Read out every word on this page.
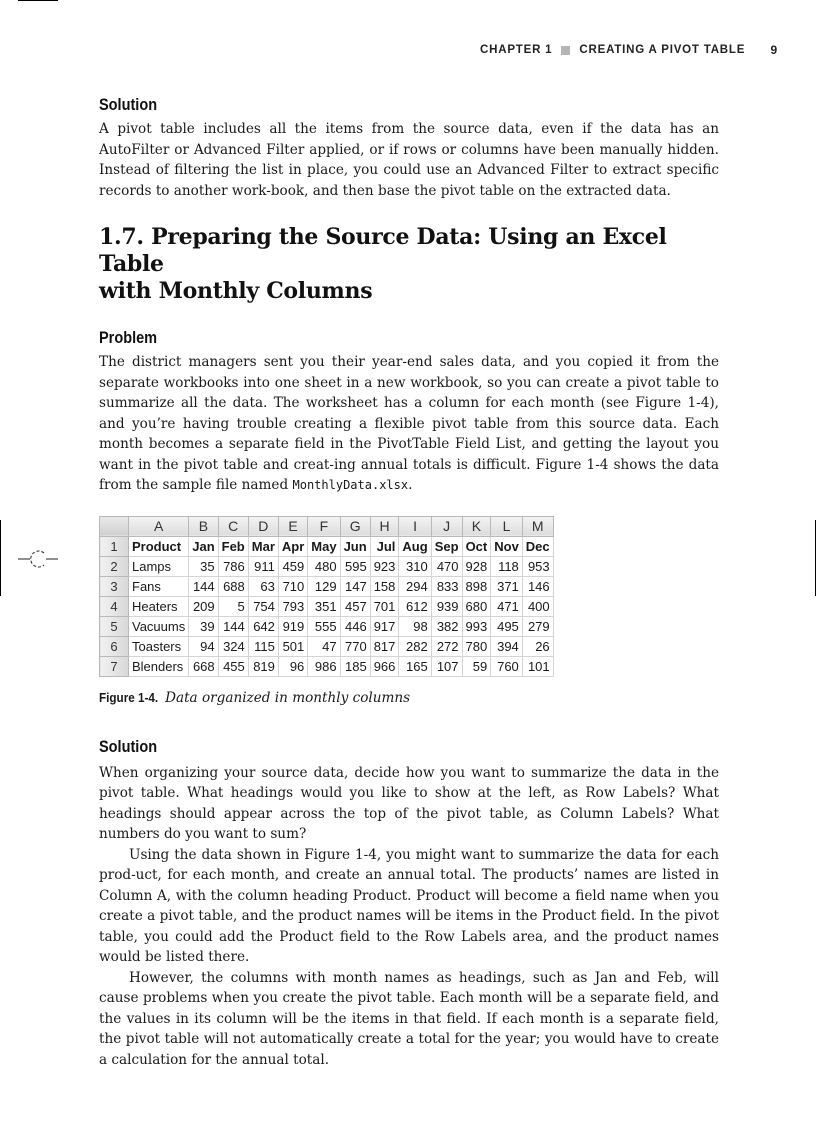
CHAPTER 1 CREATING A PIVOT TABLE 9
Solution

A pivot table includes all the items from the source data, even if the data has an AutoFilter or Advanced Filter applied, or if rows or columns have been manually hidden. Instead of filtering the list in place, you could use an Advanced Filter to extract specific records to another work-book, and then base the pivot table on the extracted data.

1.7. Preparing the Source Data: Using an Excel Table
with Monthly Columns
Problem

The district managers sent you their year-end sales data, and you copied it from the separate workbooks into one sheet in a new workbook, so you can create a pivot table to summarize all the data. The worksheet has a column for each month (see Figure 1-4), and you’re having trouble creating a flexible pivot table from this source data. Each month becomes a separate field in the PivotTable Field List, and getting the layout you want in the pivot table and creat-ing annual totals is difficult. Figure 1-4 shows the data from the sample file named MonthlyData.xlsx.

	A	B	C	D	E	F	G	H	I	J	K	L	M
1	Product	Jan	Feb	Mar	Apr	May	Jun	Jul	Aug	Sep	Oct	Nov	Dec
2	Lamps	35	786	911	459	480	595	923	310	470	928	118	953
3	Fans	144	688	63	710	129	147	158	294	833	898	371	146
4	Heaters	209	5	754	793	351	457	701	612	939	680	471	400
5	Vacuums	39	144	642	919	555	446	917	98	382	993	495	279
6	Toasters	94	324	115	501	47	770	817	282	272	780	394	26
7	Blenders	668	455	819	96	986	185	966	165	107	59	760	101

Figure 1-4. Data organized in monthly columns

Solution

When organizing your source data, decide how you want to summarize the data in the pivot table. What headings would you like to show at the left, as Row Labels? What headings should appear across the top of the pivot table, as Column Labels? What numbers do you want to sum?

Using the data shown in Figure 1-4, you might want to summarize the data for each prod-uct, for each month, and create an annual total. The products’ names are listed in Column A, with the column heading Product. Product will become a field name when you create a pivot table, and the product names will be items in the Product field. In the pivot table, you could add the Product field to the Row Labels area, and the product names would be listed there.

However, the columns with month names as headings, such as Jan and Feb, will cause problems when you create the pivot table. Each month will be a separate field, and the values in its column will be the items in that field. If each month is a separate field, the pivot table will not automatically create a total for the year; you would have to create a calculation for the annual total.
